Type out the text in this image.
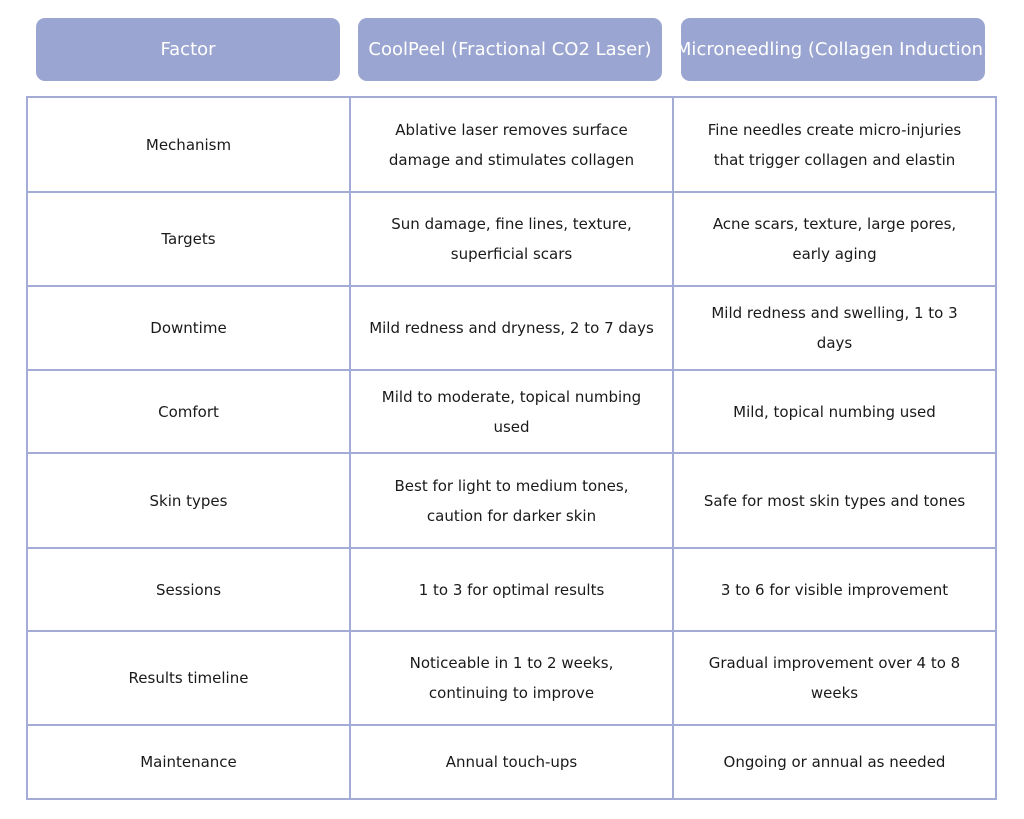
Factor	CoolPeel (Fractional CO2 Laser)	Microneedling (Collagen Induction)
Mechanism	Ablative laser removes surface damage and stimulates collagen	Fine needles create micro-injuries that trigger collagen and elastin
Targets	Sun damage, fine lines, texture, superficial scars	Acne scars, texture, large pores, early aging
Downtime	Mild redness and dryness, 2 to 7 days	Mild redness and swelling, 1 to 3 days
Comfort	Mild to moderate, topical numbing used	Mild, topical numbing used
Skin types	Best for light to medium tones, caution for darker skin	Safe for most skin types and tones
Sessions	1 to 3 for optimal results	3 to 6 for visible improvement
Results timeline	Noticeable in 1 to 2 weeks, continuing to improve	Gradual improvement over 4 to 8 weeks
Maintenance	Annual touch-ups	Ongoing or annual as needed
